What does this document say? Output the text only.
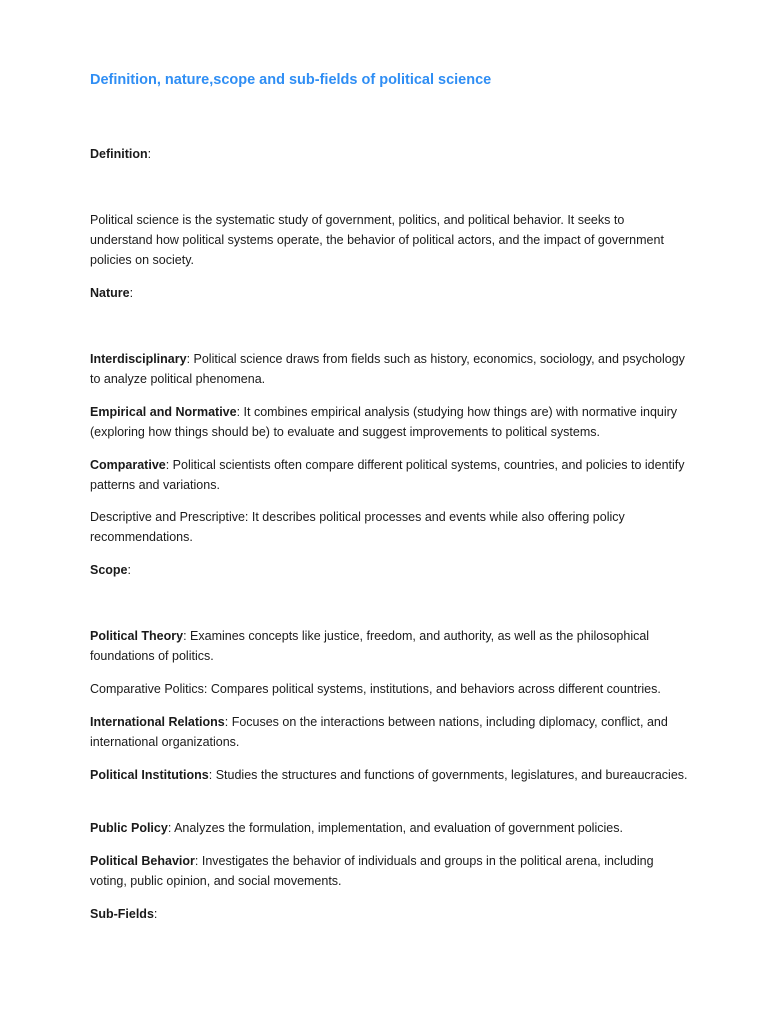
Definition, nature,scope and sub-fields of political science

Definition:

Political science is the systematic study of government, politics, and political behavior. It seeks to understand how political systems operate, the behavior of political actors, and the impact of government policies on society.

Nature:

Interdisciplinary: Political science draws from fields such as history, economics, sociology, and psychology to analyze political phenomena.

Empirical and Normative: It combines empirical analysis (studying how things are) with normative inquiry (exploring how things should be) to evaluate and suggest improvements to political systems.

Comparative: Political scientists often compare different political systems, countries, and policies to identify patterns and variations.

Descriptive and Prescriptive: It describes political processes and events while also offering policy recommendations.

Scope:

Political Theory: Examines concepts like justice, freedom, and authority, as well as the philosophical foundations of politics.

Comparative Politics: Compares political systems, institutions, and behaviors across different countries.

International Relations: Focuses on the interactions between nations, including diplomacy, conflict, and international organizations.

Political Institutions: Studies the structures and functions of governments, legislatures, and bureaucracies.

Public Policy: Analyzes the formulation, implementation, and evaluation of government policies.

Political Behavior: Investigates the behavior of individuals and groups in the political arena, including voting, public opinion, and social movements.

Sub-Fields:
